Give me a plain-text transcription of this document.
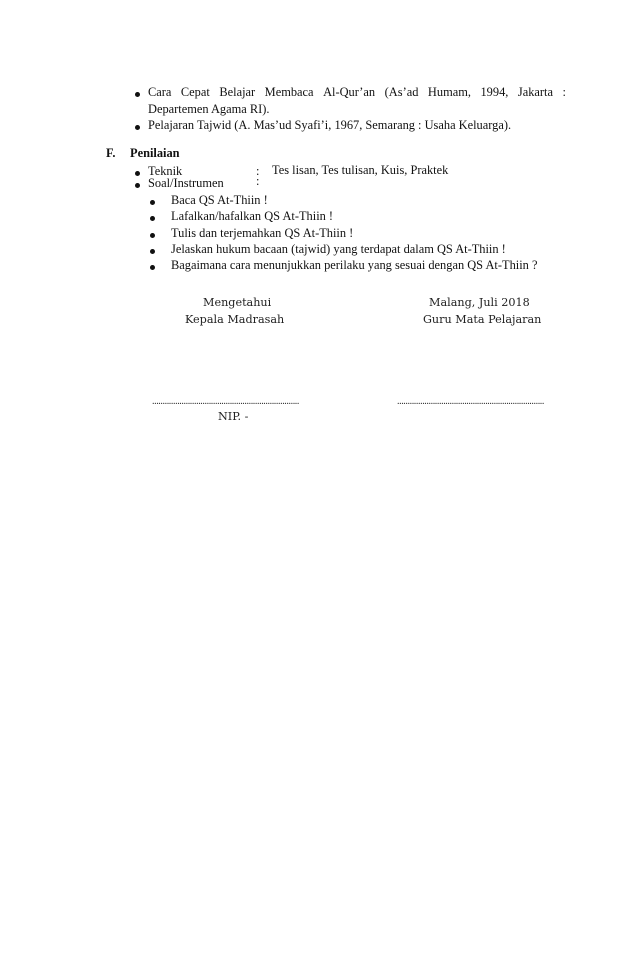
Cara Cepat Belajar Membaca Al-Qur’an (As’ad Humam, 1994, Jakarta :
Departemen Agama RI).
Pelajaran Tajwid (A. Mas’ud Syafi’i, 1967, Semarang : Usaha Keluarga).
F. Penilaian
Teknik	: Tes lisan, Tes tulisan, Kuis, Praktek
Soal/Instrumen	:
Baca QS At-Thiin !
Lafalkan/hafalkan QS At-Thiin !
Tulis dan terjemahkan QS At-Thiin !
Jelaskan hukum bacaan (tajwid) yang terdapat dalam QS At-Thiin !
Bagaimana cara menunjukkan perilaku yang sesuai dengan QS At-Thiin ?
Mengetahui
Kepala Madrasah
......................................................................
NIP. -
Malang, Juli 2018
Guru Mata Pelajaran
......................................................................
